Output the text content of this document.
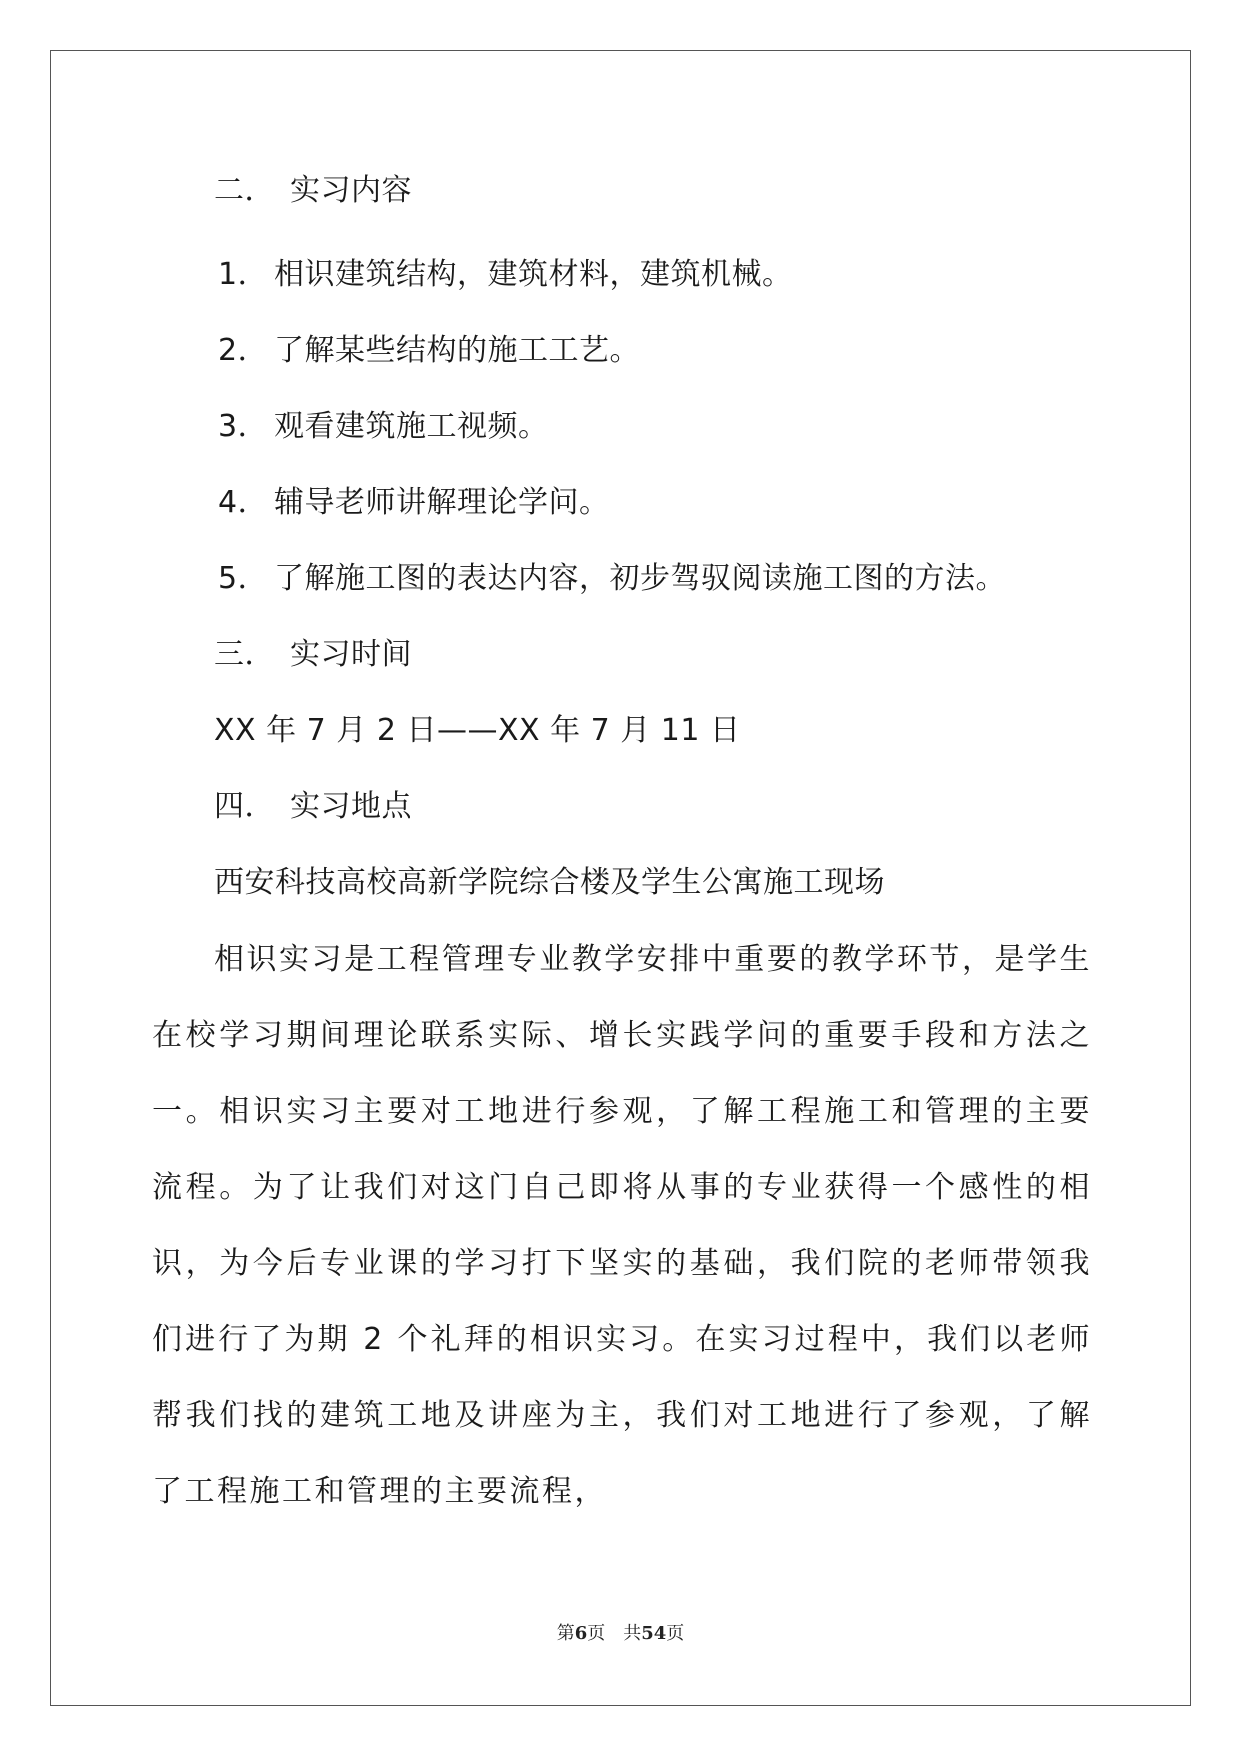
二． 实习内容
1． 相识建筑结构，建筑材料，建筑机械。
2． 了解某些结构的施工工艺。
3． 观看建筑施工视频。
4． 辅导老师讲解理论学问。
5． 了解施工图的表达内容，初步驾驭阅读施工图的方法。
三． 实习时间
XX 年 7 月 2 日——XX 年 7 月 11 日
四． 实习地点
西安科技高校高新学院综合楼及学生公寓施工现场
相识实习是工程管理专业教学安排中重要的教学环节，是学生在校学习期间理论联系实际、增长实践学问的重要手段和方法之一。相识实习主要对工地进行参观，了解工程施工和管理的主要流程。为了让我们对这门自己即将从事的专业获得一个感性的相识，为今后专业课的学习打下坚实的基础，我们院的老师带领我们进行了为期 2 个礼拜的相识实习。在实习过程中，我们以老师帮我们找的建筑工地及讲座为主，我们对工地进行了参观，了解了工程施工和管理的主要流程，
第6页　共54页
